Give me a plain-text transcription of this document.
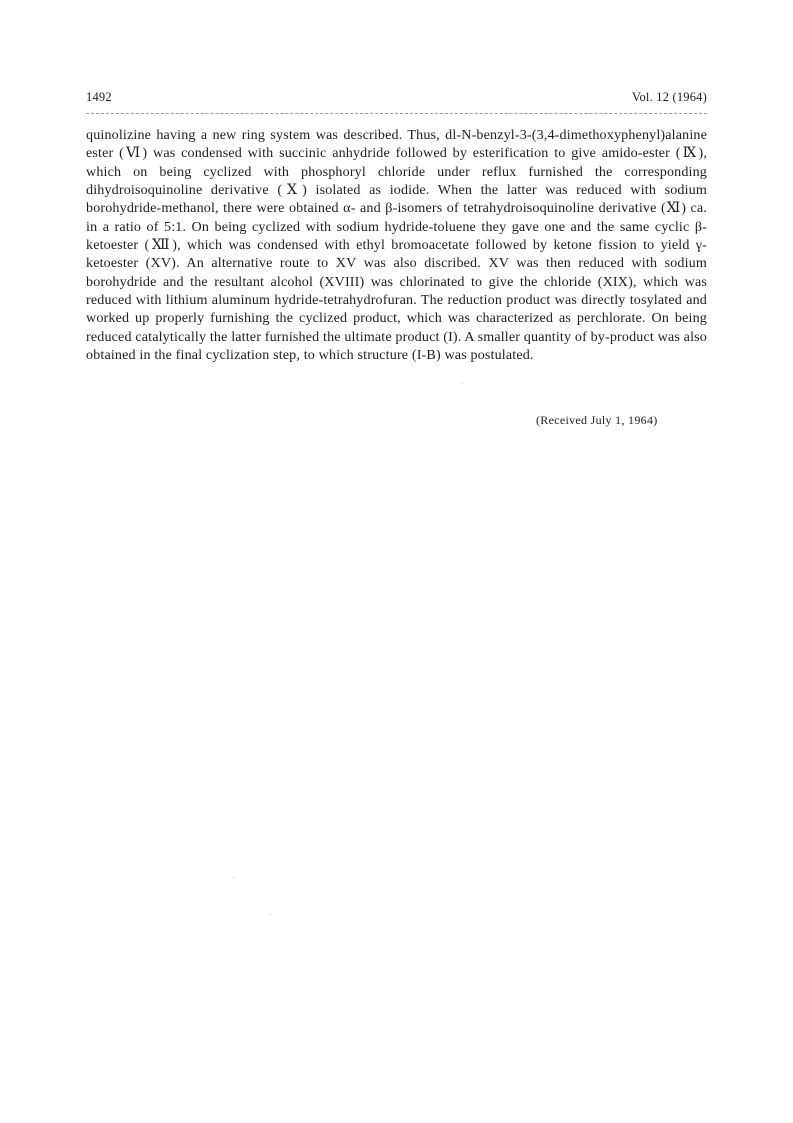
1492	Vol. 12 (1964)

quinolizine having a new ring system was described. Thus, dl-N-benzyl-3-(3,4-dimethoxyphenyl)alanine ester (Ⅵ) was condensed with succinic anhydride followed by esterification to give amido-ester (Ⅸ), which on being cyclized with phosphoryl chloride under reflux furnished the corresponding dihydroisoquinoline derivative (Ⅹ) isolated as iodide. When the latter was reduced with sodium borohydride-methanol, there were obtained α- and β-isomers of tetrahydroisoquinoline derivative (Ⅺ) ca. in a ratio of 5:1. On being cyclized with sodium hydride-toluene they gave one and the same cyclic β-ketoester (Ⅻ), which was condensed with ethyl bromoacetate followed by ketone fission to yield γ-ketoester (XV). An alternative route to XV was also discribed. XV was then reduced with sodium borohydride and the resultant alcohol (XVIII) was chlorinated to give the chloride (XIX), which was reduced with lithium aluminum hydride-tetrahydrofuran. The reduction product was directly tosylated and worked up properly furnishing the cyclized product, which was characterized as perchlorate. On being reduced catalytically the latter furnished the ultimate product (I). A smaller quantity of by-product was also obtained in the final cyclization step, to which structure (I-B) was postulated.

(Received July 1, 1964)
